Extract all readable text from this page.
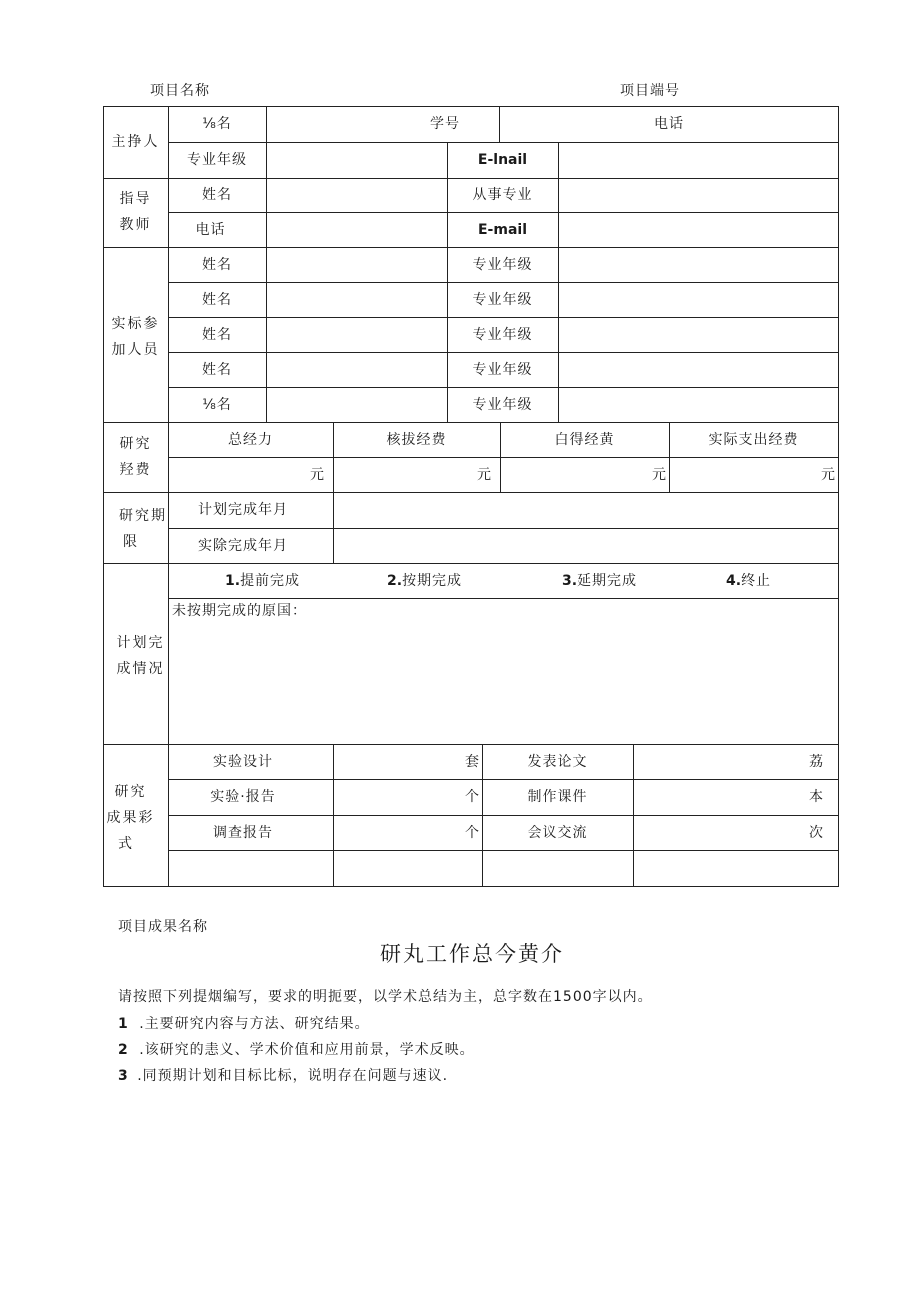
项目名称	项目端号
主挣人
⅛名	学号	电话
专业年级	E-lnail
指导
教师
姓名	从事专业
电话	E-mail
实标参
加人员
姓名	专业年级
姓名	专业年级
姓名	专业年级
姓名	专业年级
⅛名	专业年级
研究
羟费
总经力	核拔经费	白得经黄	实际支出经费
元	元	元	元
研究期
限
计划完成年月
实除完成年月
计划完
成情况
1. 提前完成	2. 按期完成	3. 延期完成	4. 终止
未按期完成的原国：
研究
成果彩
式
实验设计	套	发表论文	荔
实验·报告	个	制作课件	本
调查报告	个	会议交流	次
项目成果名称
研丸工作总今黄介
请按照下列提烟编写，要求的明扼要，以学术总结为主，总字数在1500字以内。
1 .主要研究内容与方法、研究结果。
2 .该研究的恚义、学术价值和应用前景，学术反映。
3 .同预期计划和目标比标，说明存在问题与速议.
